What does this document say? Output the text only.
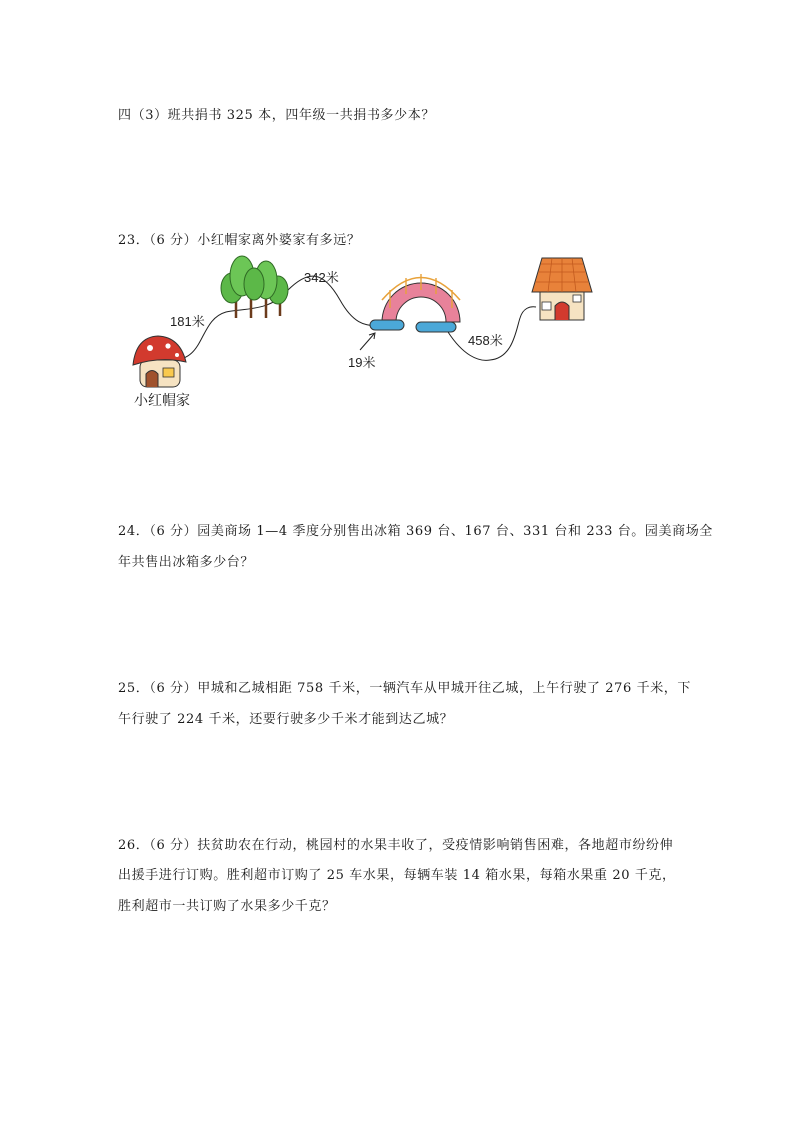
四（3）班共捐书 325 本，四年级一共捐书多少本？
23．（6 分）小红帽家离外婆家有多远？
小红帽家
181米
342米
19米
458米
24．（6 分）园美商场 1—4 季度分别售出冰箱 369 台、167 台、331 台和 233 台。园美商场全
年共售出冰箱多少台？
25．（6 分）甲城和乙城相距 758 千米，一辆汽车从甲城开往乙城，上午行驶了 276 千米，下
午行驶了 224 千米，还要行驶多少千米才能到达乙城？
26．（6 分）扶贫助农在行动，桃园村的水果丰收了，受疫情影响销售困难，各地超市纷纷伸
出援手进行订购。胜利超市订购了 25 车水果，每辆车装 14 箱水果，每箱水果重 20 千克，
胜利超市一共订购了水果多少千克？
